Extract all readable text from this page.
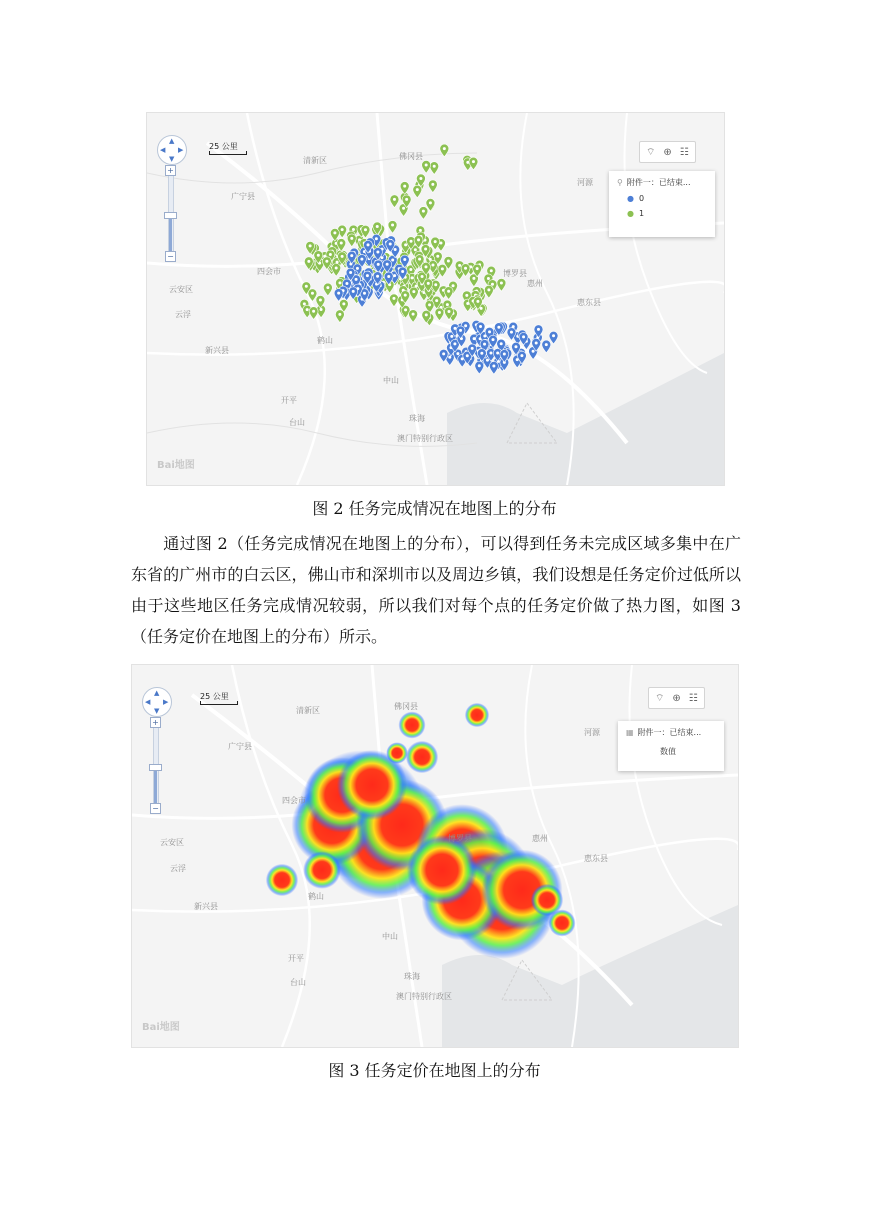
清新区
广宁县
四会市
云安区
云浮
新兴县
开平
台山	珠海
澳门特别行政区
中山
鹤山
惠州
河源
惠东县
博罗县
佛冈县
▲
▼
◀ ▶
+
−
25 公里	⌔ ⊕ ☷
⚲ 附件一：已结束...
● 0
● 1
Bai地图
图 2 任务完成情况在地图上的分布
通过图 2（任务完成情况在地图上的分布），可以得到任务未完成区域多集中在广东省的广州市的白云区，佛山市和深圳市以及周边乡镇，我们设想是任务定价过低所以由于这些地区任务完成情况较弱，所以我们对每个点的任务定价做了热力图，如图 3（任务定价在地图上的分布）所示。
清新区
广宁县
四会市
云安区
云浮
新兴县
开平
台山
珠海
澳门特别行政区
中山
鹤山
惠州
河源
惠东县
博罗县
佛冈县
▲
▼
◀ ▶
+
−
25 公里	⌔ ⊕ ☷
▦ 附件一：已结束...
数值
Bai地图
图 3 任务定价在地图上的分布
